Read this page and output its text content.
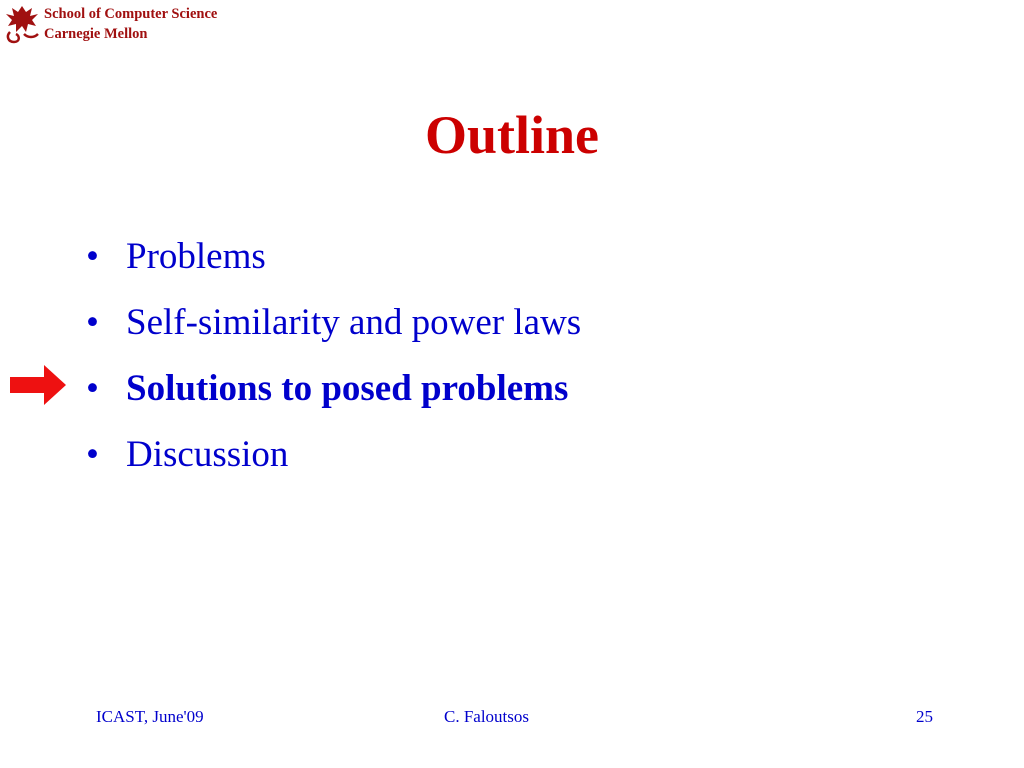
School of Computer Science
Carnegie Mellon
Outline
• Problems
• Self-similarity and power laws
• Solutions to posed problems
• Discussion
ICAST, June'09	C. Faloutsos	25
